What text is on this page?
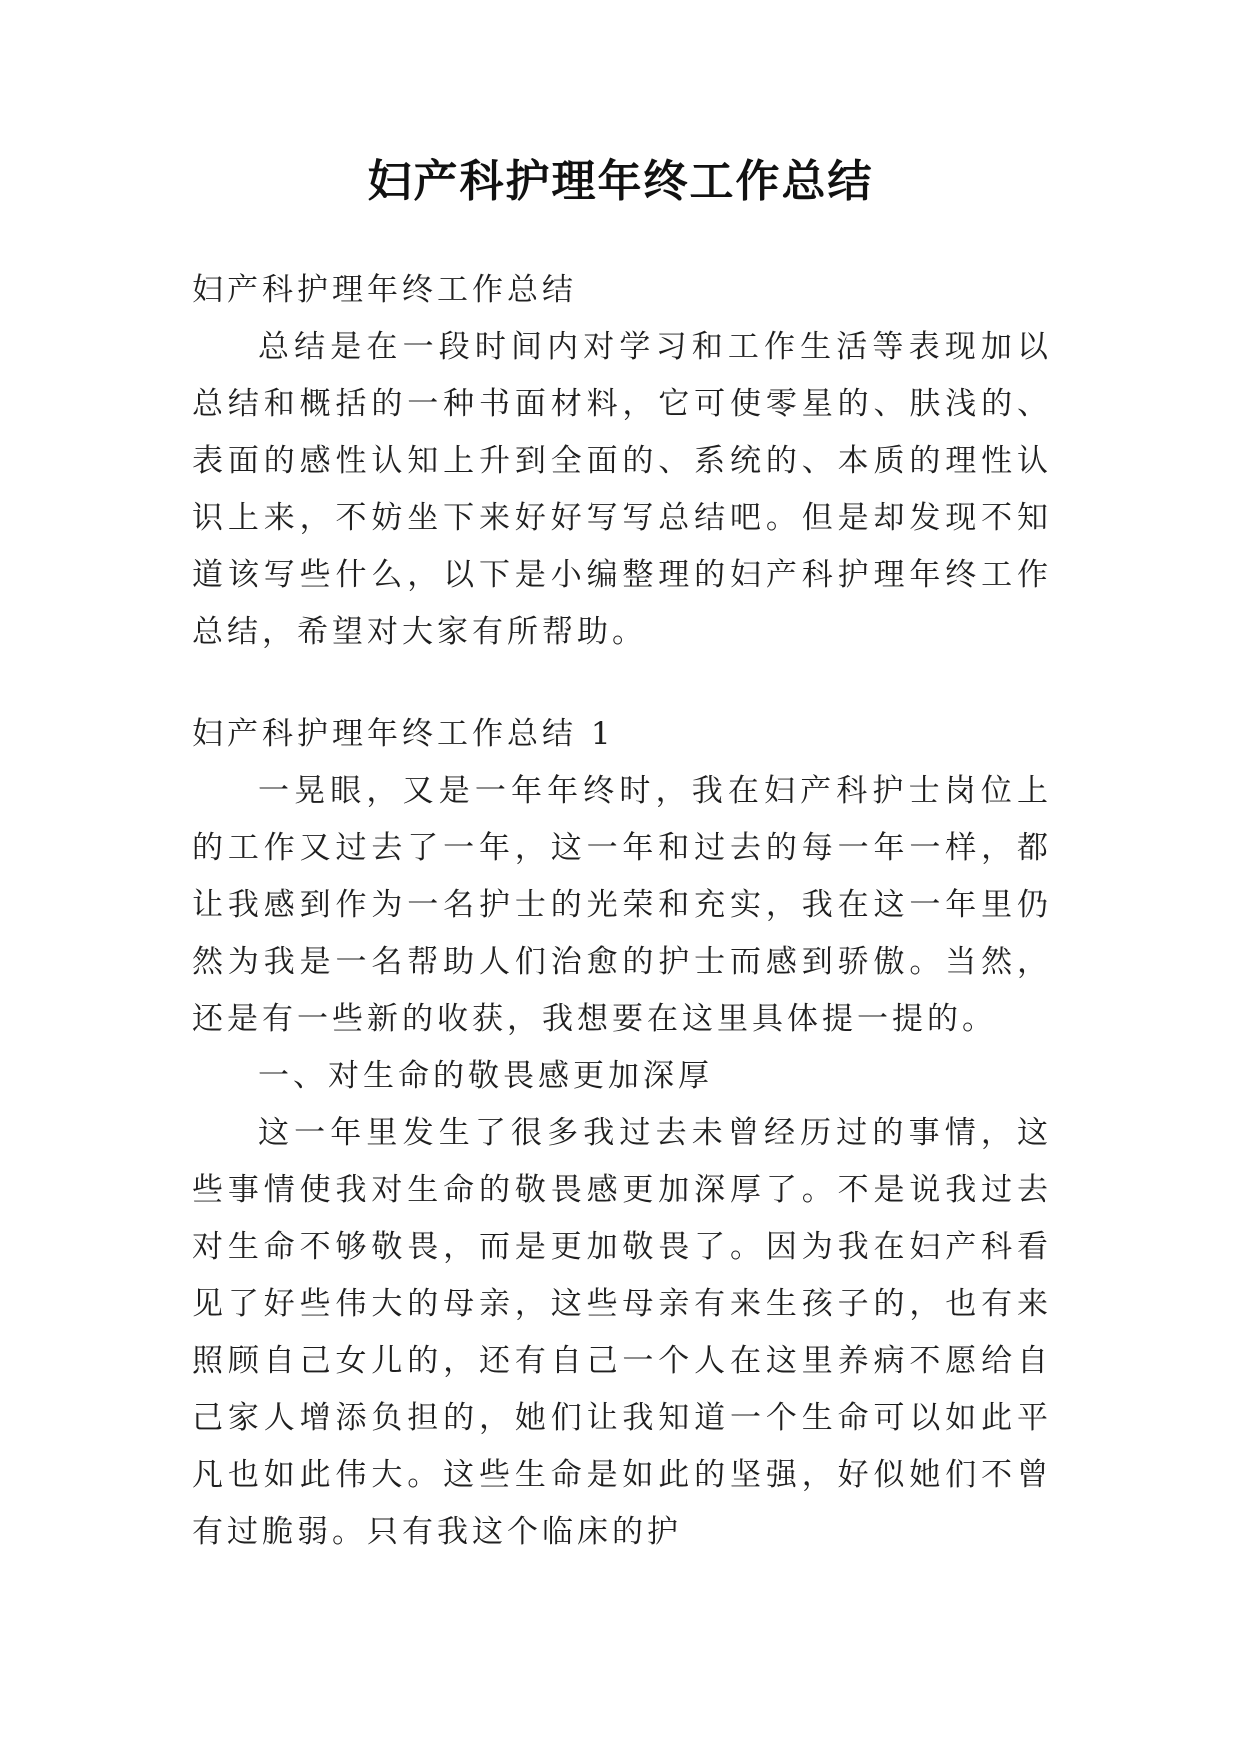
妇产科护理年终工作总结

妇产科护理年终工作总结

总结是在一段时间内对学习和工作生活等表现加以总结和概括的一种书面材料，它可使零星的、肤浅的、表面的感性认知上升到全面的、系统的、本质的理性认识上来，不妨坐下来好好写写总结吧。但是却发现不知道该写些什么，以下是小编整理的妇产科护理年终工作总结，希望对大家有所帮助。

妇产科护理年终工作总结 1

一晃眼，又是一年年终时，我在妇产科护士岗位上的工作又过去了一年，这一年和过去的每一年一样，都让我感到作为一名护士的光荣和充实，我在这一年里仍然为我是一名帮助人们治愈的护士而感到骄傲。当然，还是有一些新的收获，我想要在这里具体提一提的。

一、对生命的敬畏感更加深厚

这一年里发生了很多我过去未曾经历过的事情，这些事情使我对生命的敬畏感更加深厚了。不是说我过去对生命不够敬畏，而是更加敬畏了。因为我在妇产科看见了好些伟大的母亲，这些母亲有来生孩子的，也有来照顾自己女儿的，还有自己一个人在这里养病不愿给自己家人增添负担的，她们让我知道一个生命可以如此平凡也如此伟大。这些生命是如此的坚强，好似她们不曾有过脆弱。只有我这个临床的护
